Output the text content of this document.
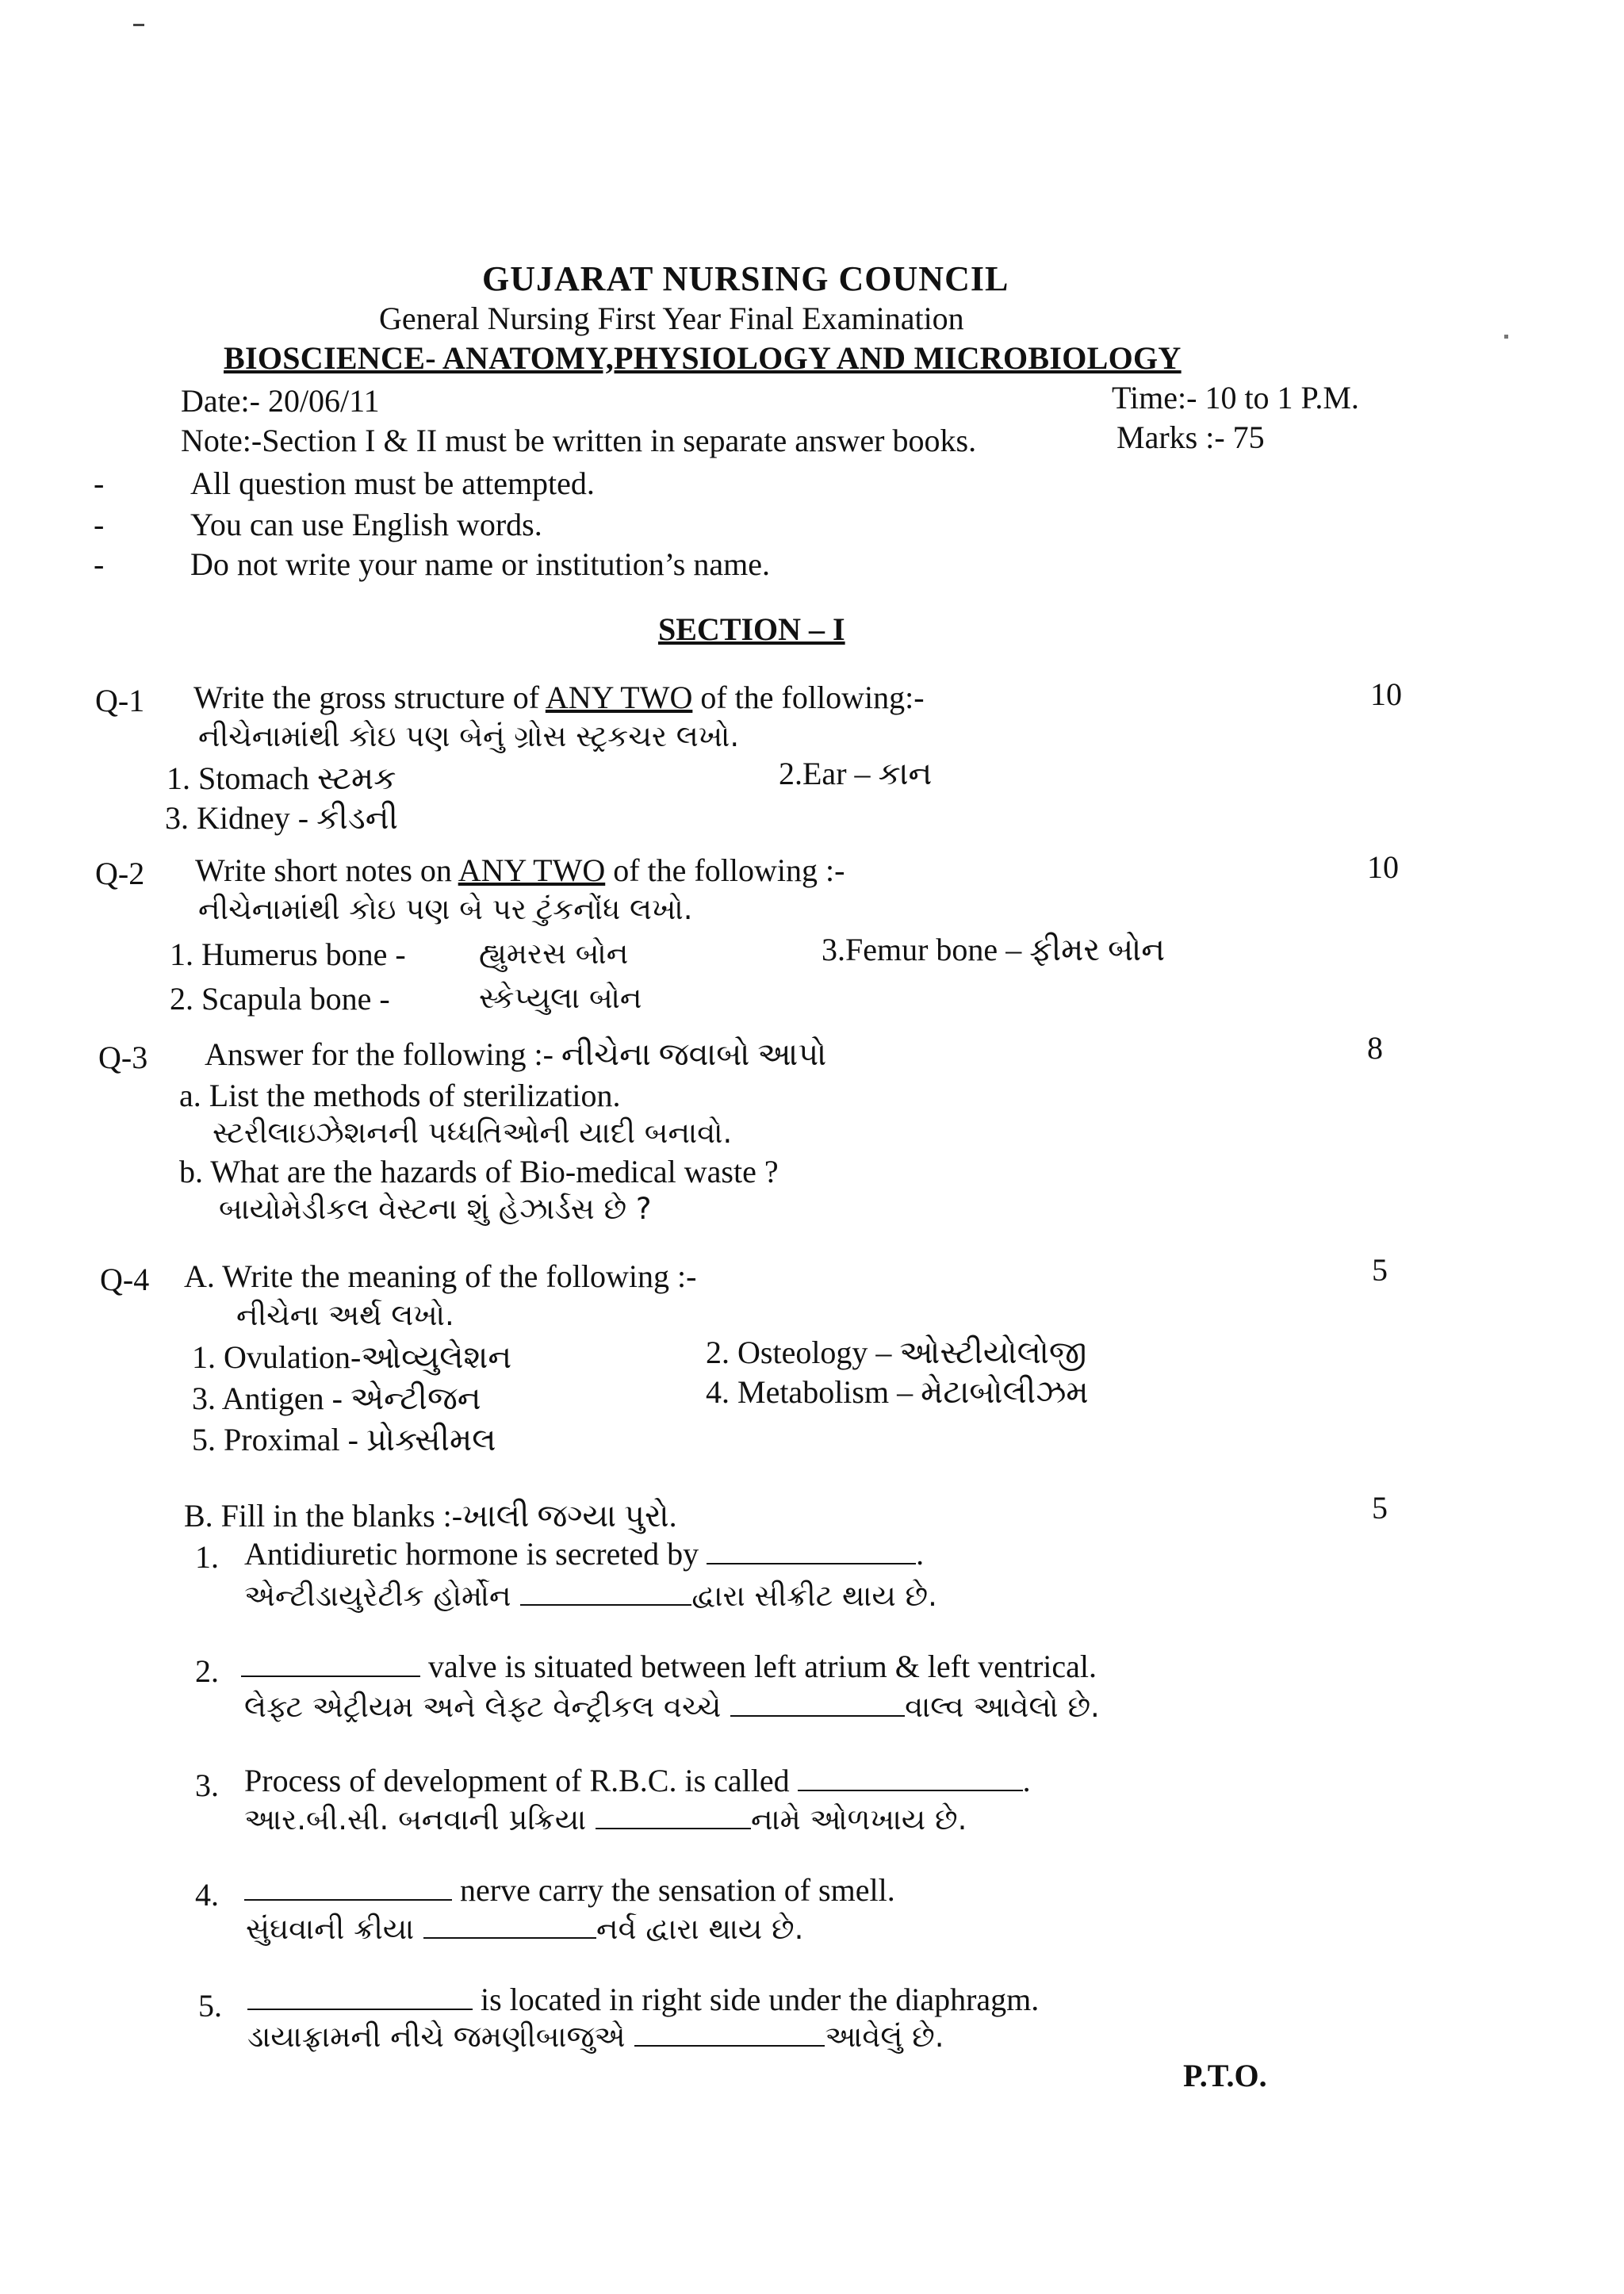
GUJARAT NURSING COUNCIL
General Nursing First Year Final Examination
BIOSCIENCE- ANATOMY,PHYSIOLOGY AND MICROBIOLOGY
Date:- 20/06/11	Time:- 10 to 1 P.M.
Note:-Section I & II must be written in separate answer books.	Marks :- 75
-	All question must be attempted.
-	You can use English words.
-	Do not write your name or institution’s name.
SECTION – I
Q-1 Write the gross structure of ANY TWO of the following:-	10
નીચેનામાંથી કોઇ પણ બેનું ગ્રોસ સ્ટ્રકચર લખો.
1. Stomach સ્ટમક	2.Ear – કાન
3. Kidney - કીડની
Q-2 Write short notes on ANY TWO of the following :-	10
નીચેનામાંથી કોઇ પણ બે પર ટુંકનોંધ લખો.
1. Humerus bone - હ્યુમરસ બોન	3.Femur bone – ફીમર બોન
2. Scapula bone -	સ્કેપ્યુલા બોન
Q-3 Answer for the following :- નીચેના જવાબો આપો	8
a. List the methods of sterilization.
સ્ટરીલાઇઝેશનની પધ્ધતિઓની યાદી બનાવો.
b. What are the hazards of Bio-medical waste ?
બાયોમેડીકલ વેસ્ટના શું હેઝાર્ડસ છે ?
Q-4 A. Write the meaning of the following :-	5
નીચેના અર્થ લખો.
1. Ovulation-ઓવ્યુલેશન	2. Osteology – ઓસ્ટીયોલોજી
3. Antigen - એન્ટીજન	4. Metabolism – મેટાબોલીઝમ
5. Proximal - પ્રોક્સીમલ
B. Fill in the blanks :-ખાલી જગ્યા પુરો.	5
1. Antidiuretic hormone is secreted by	.
એન્ટીડાયુરેટીક હોર્મોન	દ્વારા સીક્રીટ થાય છે.
2.	valve is situated between left atrium & left ventrical.
લેફ્ટ એટ્રીયમ અને લેફ્ટ વેન્ટ્રીકલ વચ્ચે	વાલ્વ આવેલો છે.
3. Process of development of R.B.C. is called	.
આર.બી.સી. બનવાની પ્રક્રિયા	નામે ઓળખાય છે.
4.	nerve carry the sensation of smell.
સુંઘવાની ક્રીયા	નર્વ દ્વારા થાય છે.
5.	is located in right side under the diaphragm.
ડાયાફ્રામની નીચે જમણીબાજુએ	આવેલું છે.
P.T.O.
